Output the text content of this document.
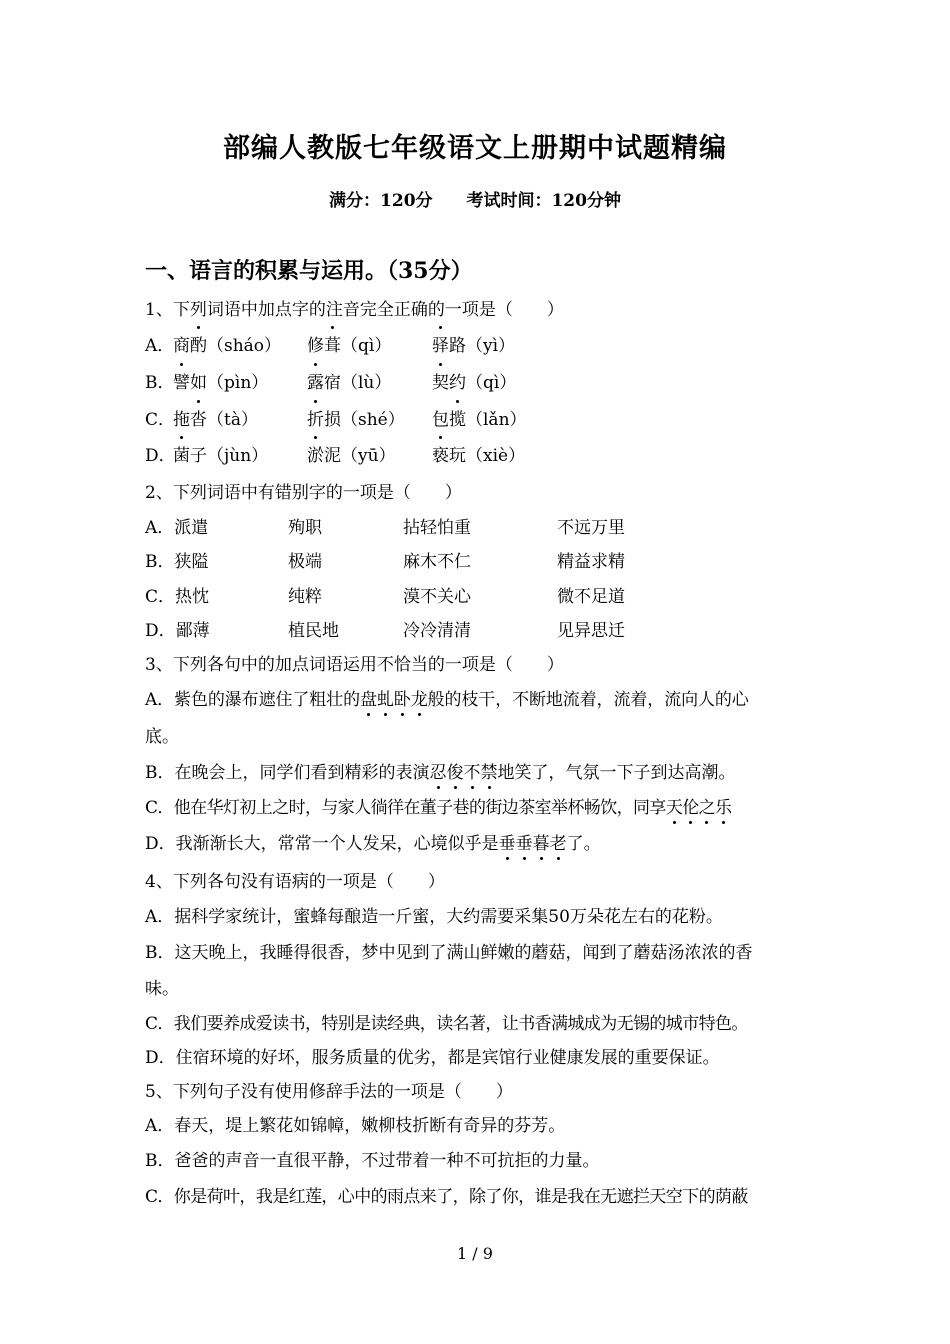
部编人教版七年级语文上册期中试题精编
满分：120分 考试时间：120分钟
一、语言的积累与运用。（35分）
1、下列词语中加点字的注音完全正确的一项是（　　）
A．
商酌（sháo） 修葺（qì） 驿路（yì）
B．
譬如（pìn） 露宿（lù） 契约（qì）
C．
拖沓（tà）	折损（shé） 包揽（lǎn）
D．
菌子（jùn） 淤泥（yū） 亵玩（xiè）
2、下列词语中有错别字的一项是（　　）
A．派遣	殉职	拈轻怕重	不远万里
B．狭隘	极端	麻木不仁	精益求精
C．热忱	纯粹	漠不关心	微不足道
D．鄙薄	植民地	冷冷清清	见异思迁
3、下列各句中的加点词语运用不恰当的一项是（　　）
A．紫色的瀑布遮住了粗壮的盘虬卧龙般的枝干，不断地流着，流着，流向人的心
底。
B．在晚会上，同学们看到精彩的表演忍俊不禁地笑了，气氛一下子到达高潮。
C．他在华灯初上之时，与家人徜徉在董子巷的街边茶室举杯畅饮，同享天伦之乐
D．我渐渐长大，常常一个人发呆，心境似乎是垂垂暮老了。
4、下列各句没有语病的一项是（　　）
A．据科学家统计，蜜蜂每酿造一斤蜜，大约需要采集50万朵花左右的花粉。
B．这天晚上，我睡得很香，梦中见到了满山鲜嫩的蘑菇，闻到了蘑菇汤浓浓的香
味。
C．我们要养成爱读书，特别是读经典，读名著，让书香满城成为无锡的城市特色。
D．住宿环境的好坏，服务质量的优劣，都是宾馆行业健康发展的重要保证。
5、下列句子没有使用修辞手法的一项是（　　）
A．春天，堤上繁花如锦幛，嫩柳枝折断有奇异的芬芳。
B．爸爸的声音一直很平静，不过带着一种不可抗拒的力量。
C．你是荷叶，我是红莲，心中的雨点来了，除了你，谁是我在无遮拦天空下的荫蔽
1 / 9
